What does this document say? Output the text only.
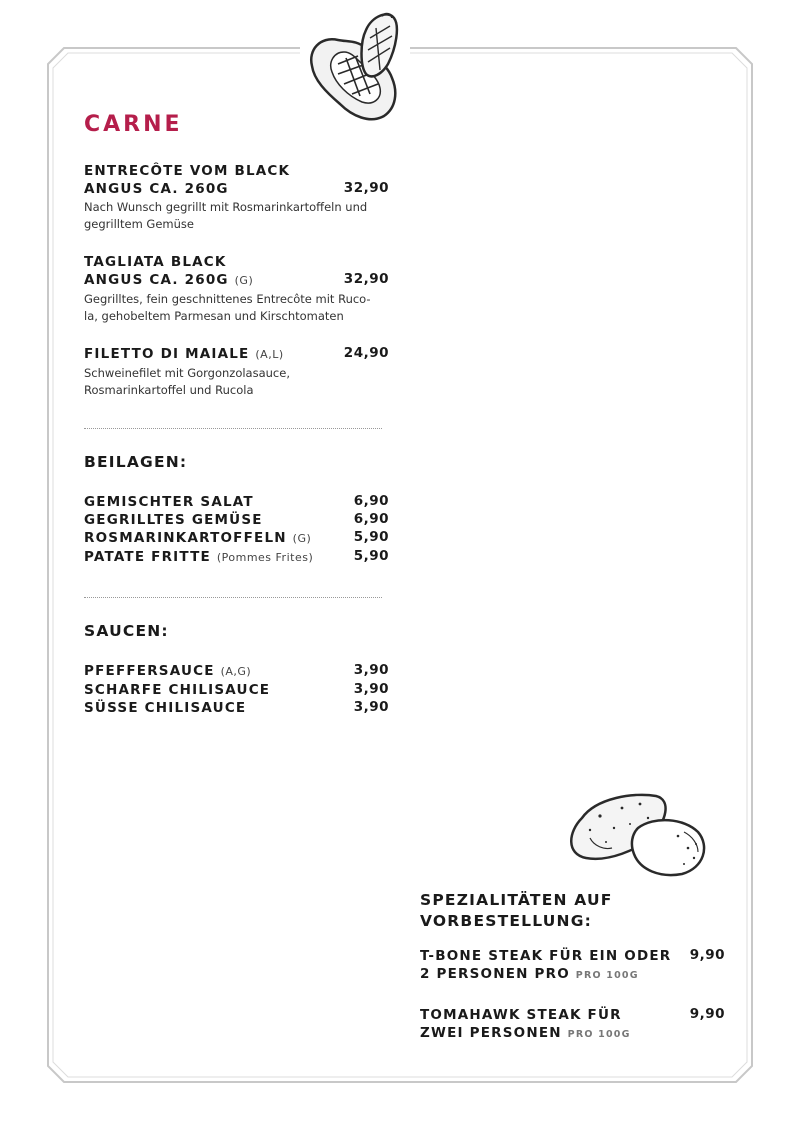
CARNE
ENTRECÔTE VOM BLACK
ANGUS CA. 260G	32,90
Nach Wunsch gegrillt mit Rosmarinkartoffeln und
gegrilltem Gemüse
TAGLIATA BLACK
ANGUS CA. 260G (G)	32,90
Gegrilltes, fein geschnittenes Entrecôte mit Ruco-
la, gehobeltem Parmesan und Kirschtomaten
FILETTO DI MAIALE (A,L)	24,90
Schweinefilet mit Gorgonzolasauce,
Rosmarinkartoffel und Rucola
BEILAGEN:
GEMISCHTER SALAT	6,90
GEGRILLTES GEMÜSE	6,90
ROSMARINKARTOFFELN (G)	5,90
PATATE FRITTE (Pommes Frites)	5,90
SAUCEN:
PFEFFERSAUCE (A,G)	3,90
SCHARFE CHILISAUCE	3,90
SÜSSE CHILISAUCE	3,90
SPEZIALITÄTEN AUF
VORBESTELLUNG:
T-BONE STEAK FÜR EIN ODER 9,90
2 PERSONEN PRO PRO 100G
TOMAHAWK STEAK FÜR	9,90
ZWEI PERSONEN PRO 100G
